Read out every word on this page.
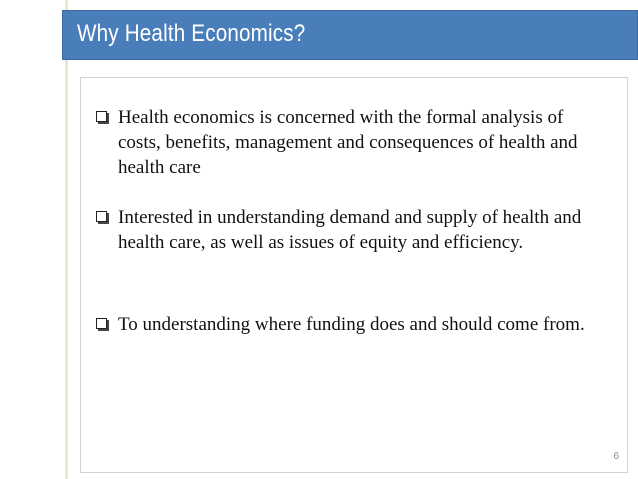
Why Health Economics?
Health economics is concerned with the formal analysis of costs, benefits, management and consequences of health and health care
Interested in understanding demand and supply of health and health care, as well as issues of equity and efficiency.
To understanding where funding does and should come from.
6
